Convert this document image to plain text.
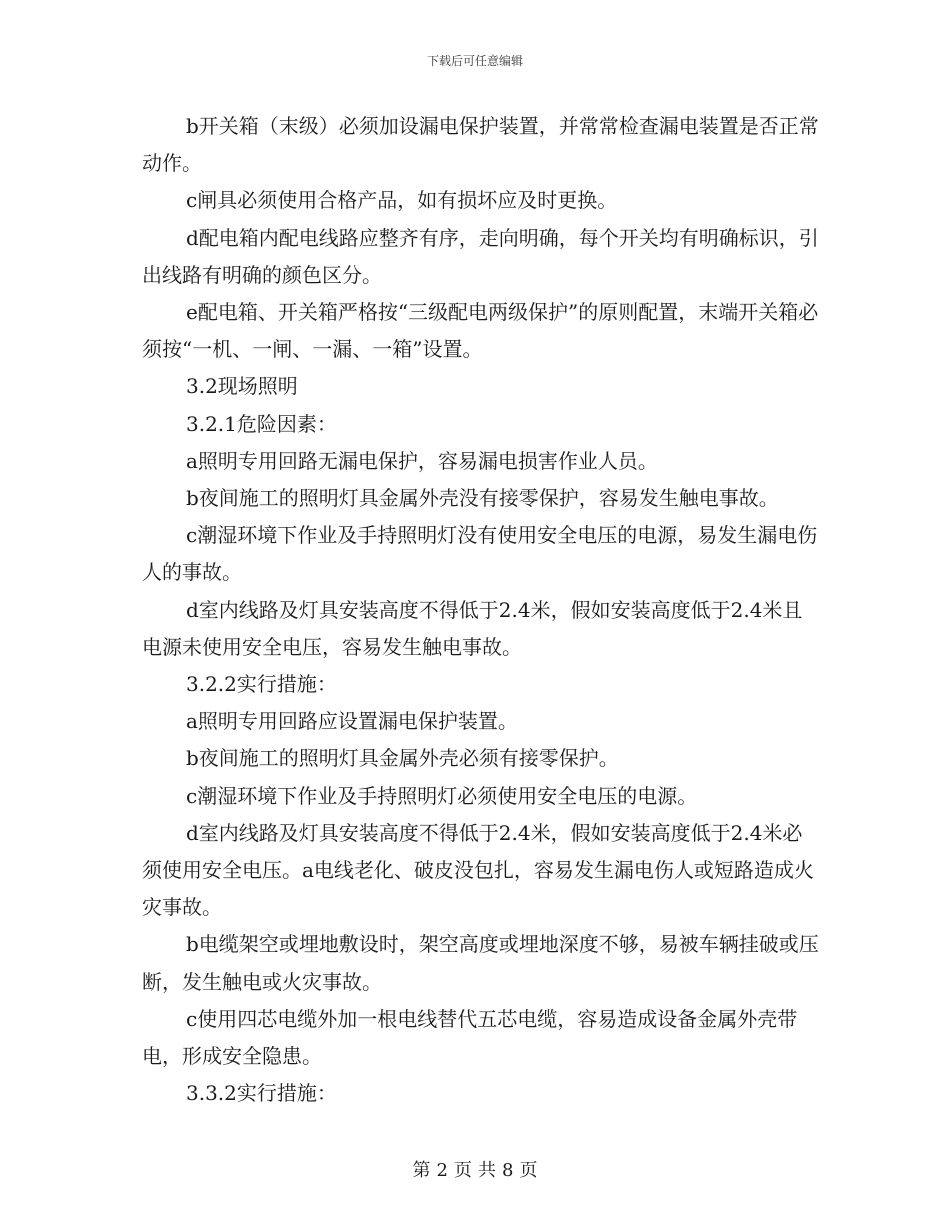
下载后可任意编辑

b开关箱（末级）必须加设漏电保护装置，并常常检查漏电装置是否正常动作。

c闸具必须使用合格产品，如有损坏应及时更换。

d配电箱内配电线路应整齐有序，走向明确，每个开关均有明确标识，引出线路有明确的颜色区分。

e配电箱、开关箱严格按“三级配电两级保护”的原则配置，末端开关箱必须按“一机、一闸、一漏、一箱”设置。

3.2现场照明

3.2.1危险因素：

a照明专用回路无漏电保护，容易漏电损害作业人员。

b夜间施工的照明灯具金属外壳没有接零保护，容易发生触电事故。

c潮湿环境下作业及手持照明灯没有使用安全电压的电源，易发生漏电伤人的事故。

d室内线路及灯具安装高度不得低于2.4米，假如安装高度低于2.4米且电源未使用安全电压，容易发生触电事故。

3.2.2实行措施：

a照明专用回路应设置漏电保护装置。

b夜间施工的照明灯具金属外壳必须有接零保护。

c潮湿环境下作业及手持照明灯必须使用安全电压的电源。

d室内线路及灯具安装高度不得低于2.4米，假如安装高度低于2.4米必须使用安全电压。a电线老化、破皮没包扎，容易发生漏电伤人或短路造成火灾事故。

b电缆架空或埋地敷设时，架空高度或埋地深度不够，易被车辆挂破或压断，发生触电或火灾事故。

c使用四芯电缆外加一根电线替代五芯电缆，容易造成设备金属外壳带电，形成安全隐患。

3.3.2实行措施：

第 2 页 共 8 页
